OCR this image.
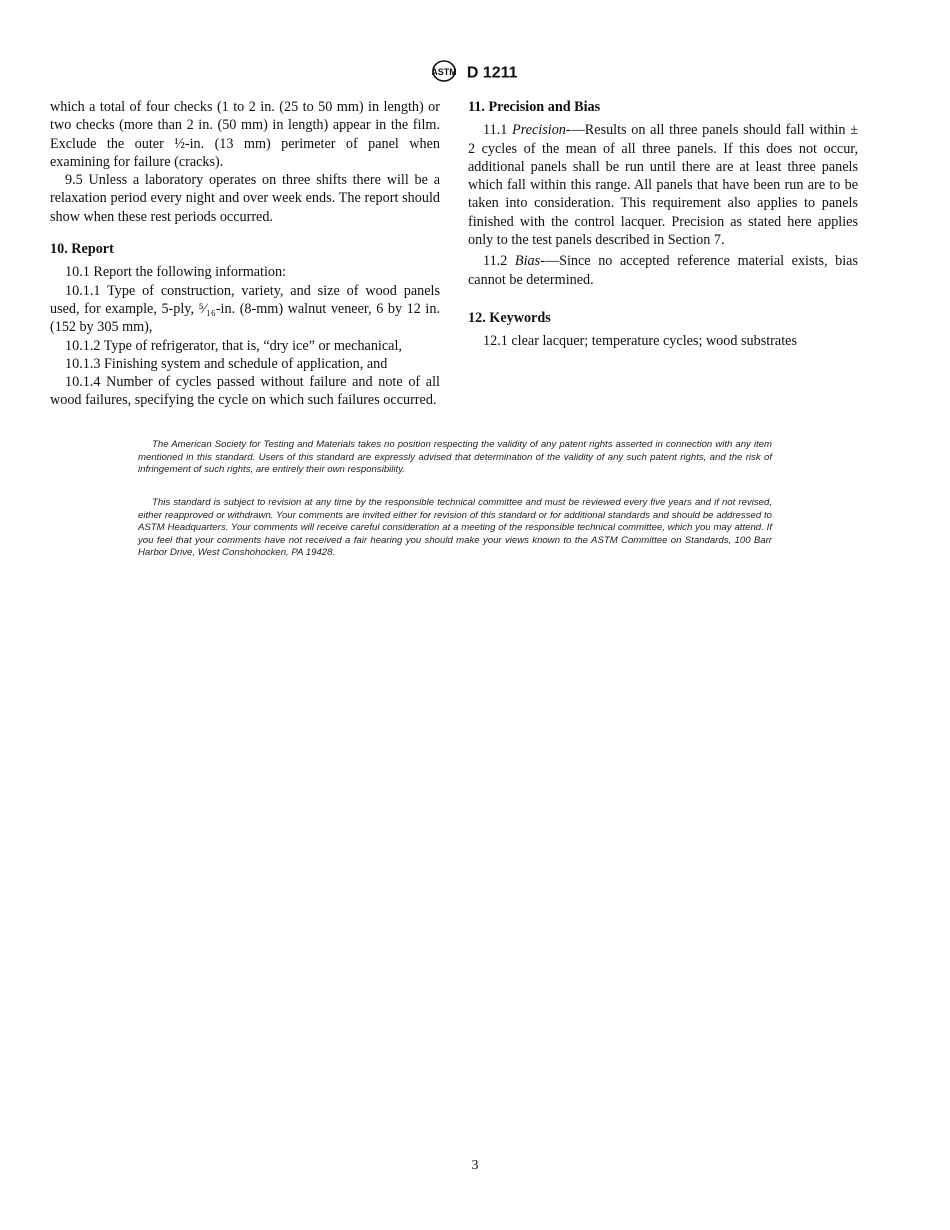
ASTM D 1211

which a total of four checks (1 to 2 in. (25 to 50 mm) in length) or two checks (more than 2 in. (50 mm) in length) appear in the film. Exclude the outer ½-in. (13 mm) perimeter of panel when examining for failure (cracks).

9.5 Unless a laboratory operates on three shifts there will be a relaxation period every night and over week ends. The report should show when these rest periods occurred.

10. Report

10.1 Report the following information:

10.1.1 Type of construction, variety, and size of wood panels used, for example, 5-ply, ⁵⁄₁₆-in. (8-mm) walnut veneer, 6 by 12 in. (152 by 305 mm),

10.1.2 Type of refrigerator, that is, “dry ice” or mechanical,

10.1.3 Finishing system and schedule of application, and

10.1.4 Number of cycles passed without failure and note of all wood failures, specifying the cycle on which such failures occurred.

11. Precision and Bias

11.1 Precision-—Results on all three panels should fall within ± 2 cycles of the mean of all three panels. If this does not occur, additional panels shall be run until there are at least three panels which fall within this range. All panels that have been run are to be taken into consideration. This requirement also applies to panels finished with the control lacquer. Precision as stated here applies only to the test panels described in Section 7.

11.2 Bias-—Since no accepted reference material exists, bias cannot be determined.

12. Keywords

12.1 clear lacquer; temperature cycles; wood substrates

The American Society for Testing and Materials takes no position respecting the validity of any patent rights asserted in connection with any item mentioned in this standard. Users of this standard are expressly advised that determination of the validity of any such patent rights, and the risk of infringement of such rights, are entirely their own responsibility.
This standard is subject to revision at any time by the responsible technical committee and must be reviewed every five years and if not revised, either reapproved or withdrawn. Your comments are invited either for revision of this standard or for additional standards and should be addressed to ASTM Headquarters. Your comments will receive careful consideration at a meeting of the responsible technical committee, which you may attend. If you feel that your comments have not received a fair hearing you should make your views known to the ASTM Committee on Standards, 100 Barr Harbor Drive, West Conshohocken, PA 19428.
3
